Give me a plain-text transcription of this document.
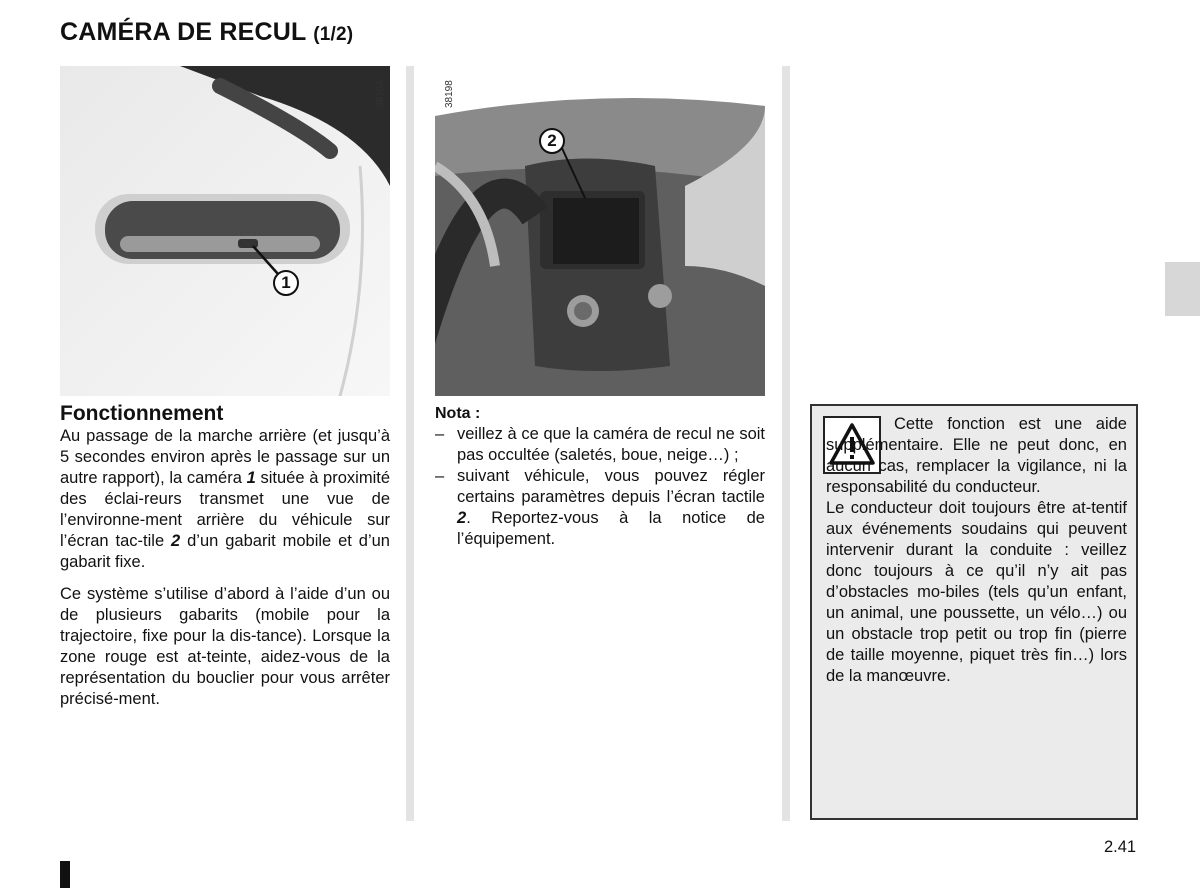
CAMÉRA DE RECUL (1/2)
38164
1
38198
2
Fonctionnement

Au passage de la marche arrière (et jusqu’à 5 secondes environ après le passage sur un autre rapport), la caméra 1 située à proximité des éclai-reurs transmet une vue de l’environne-ment arrière du véhicule sur l’écran tac-tile 2 d’un gabarit mobile et d’un gabarit fixe.

Ce système s’utilise d’abord à l’aide d’un ou de plusieurs gabarits (mobile pour la trajectoire, fixe pour la dis-tance). Lorsque la zone rouge est at-teinte, aidez-vous de la représentation du bouclier pour vous arrêter précisé-ment.

Nota :
– veillez à ce que la caméra de recul ne soit pas occultée (saletés, boue, neige…) ;
– suivant véhicule, vous pouvez régler certains paramètres depuis l’écran tactile 2. Reportez-vous à la notice de l’équipement.

Cette fonction est une aide supplémentaire. Elle ne peut donc, en aucun cas, remplacer la vigilance, ni la responsabilité du conducteur.

Le conducteur doit toujours être at-tentif aux événements soudains qui peuvent intervenir durant la conduite : veillez donc toujours à ce qu’il n’y ait pas d’obstacles mo-biles (tels qu’un enfant, un animal, une poussette, un vélo…) ou un obstacle trop petit ou trop fin (pierre de taille moyenne, piquet très fin…) lors de la manœuvre.

2.41
